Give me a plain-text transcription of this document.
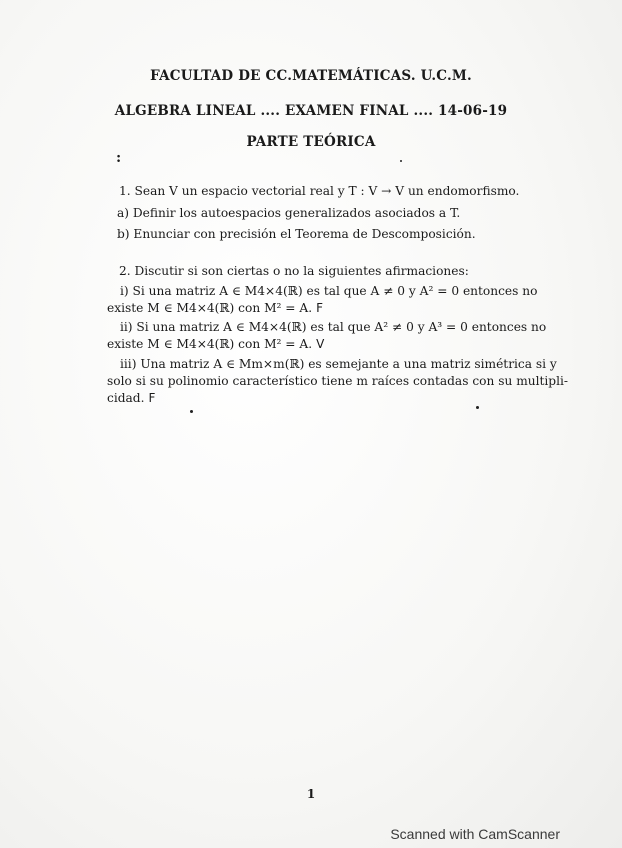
FACULTAD DE CC.MATEMÁTICAS. U.C.M.
ALGEBRA LINEAL .... EXAMEN FINAL .... 14-06-19
PARTE TEÓRICA
:
1. Sean V un espacio vectorial real y T : V → V un endomorfismo.
a) Definir los autoespacios generalizados asociados a T.
b) Enunciar con precisión el Teorema de Descomposición.
2. Discutir si son ciertas o no la siguientes afirmaciones:
i) Si una matriz A ∈ M4×4(ℝ) es tal que A ≠ 0 y A² = 0 entonces no
existe M ∈ M4×4(ℝ) con M² = A. F
ii) Si una matriz A ∈ M4×4(ℝ) es tal que A² ≠ 0 y A³ = 0 entonces no
existe M ∈ M4×4(ℝ) con M² = A. V
iii) Una matriz A ∈ Mm×m(ℝ) es semejante a una matriz simétrica si y
solo si su polinomio característico tiene m raíces contadas con su multipli-
cidad. F
1
Scanned with CamScanner
